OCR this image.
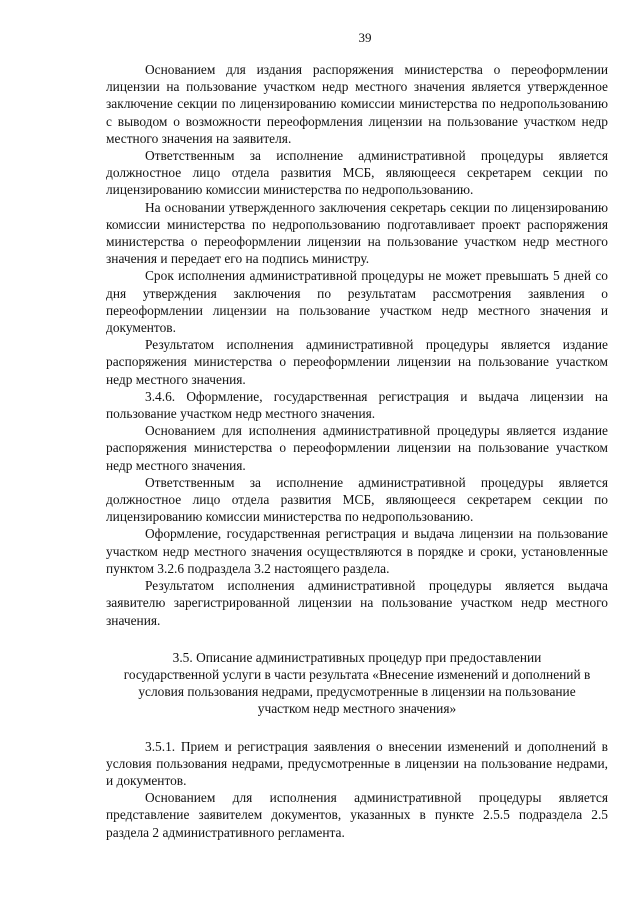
39

Основанием для издания распоряжения министерства о переоформлении лицензии на пользование участком недр местного значения является утвержденное заключение секции по лицензированию комиссии министерства по недропользованию с выводом о возможности переоформления лицензии на пользование участком недр местного значения на заявителя.

Ответственным за исполнение административной процедуры является должностное лицо отдела развития МСБ, являющееся секретарем секции по лицензированию комиссии министерства по недропользованию.

На основании утвержденного заключения секретарь секции по лицензированию комиссии министерства по недропользованию подготавливает проект распоряжения министерства о переоформлении лицензии на пользование участком недр местного значения и передает его на подпись министру.

Срок исполнения административной процедуры не может превышать 5 дней со дня утверждения заключения по результатам рассмотрения заявления о переоформлении лицензии на пользование участком недр местного значения и документов.

Результатом исполнения административной процедуры является издание распоряжения министерства о переоформлении лицензии на пользование участком недр местного значения.

3.4.6. Оформление, государственная регистрация и выдача лицензии на пользование участком недр местного значения.

Основанием для исполнения административной процедуры является издание распоряжения министерства о переоформлении лицензии на пользование участком недр местного значения.

Ответственным за исполнение административной процедуры является должностное лицо отдела развития МСБ, являющееся секретарем секции по лицензированию комиссии министерства по недропользованию.

Оформление, государственная регистрация и выдача лицензии на пользование участком недр местного значения осуществляются в порядке и сроки, установленные пунктом 3.2.6 подраздела 3.2 настоящего раздела.

Результатом исполнения административной процедуры является выдача заявителю зарегистрированной лицензии на пользование участком недр местного значения.

3.5. Описание административных процедур при предоставлении
государственной услуги в части результата «Внесение изменений и дополнений в условия пользования недрами, предусмотренные в лицензии на пользование участком недр местного значения»

3.5.1. Прием и регистрация заявления о внесении изменений и дополнений в условия пользования недрами, предусмотренные в лицензии на пользование недрами, и документов.

Основанием для исполнения административной процедуры является представление заявителем документов, указанных в пункте 2.5.5 подраздела 2.5 раздела 2 административного регламента.
